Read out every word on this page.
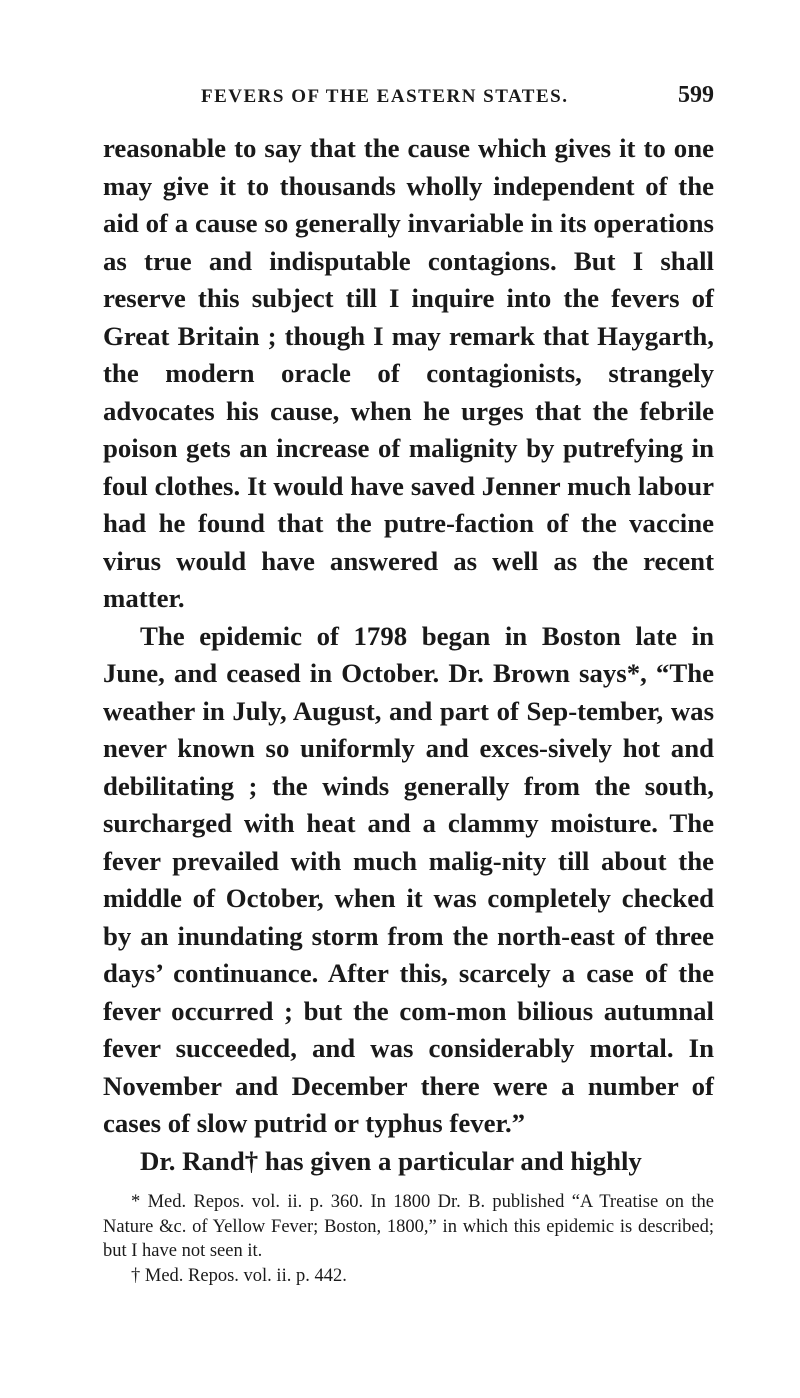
FEVERS OF THE EASTERN STATES.	599

reasonable to say that the cause which gives it to one may give it to thousands wholly independent of the aid of a cause so generally invariable in its operations as true and indisputable contagions. But I shall reserve this subject till I inquire into the fevers of Great Britain ; though I may remark that Haygarth, the modern oracle of contagionists, strangely advocates his cause, when he urges that the febrile poison gets an increase of malignity by putrefying in foul clothes. It would have saved Jenner much labour had he found that the putre-faction of the vaccine virus would have answered as well as the recent matter.

The epidemic of 1798 began in Boston late in June, and ceased in October. Dr. Brown says*, “The weather in July, August, and part of Sep-tember, was never known so uniformly and exces-sively hot and debilitating ; the winds generally from the south, surcharged with heat and a clammy moisture. The fever prevailed with much malig-nity till about the middle of October, when it was completely checked by an inundating storm from the north-east of three days’ continuance. After this, scarcely a case of the fever occurred ; but the com-mon bilious autumnal fever succeeded, and was considerably mortal. In November and December there were a number of cases of slow putrid or typhus fever.”

Dr. Rand† has given a particular and highly

* Med. Repos. vol. ii. p. 360. In 1800 Dr. B. published “A Treatise on the Nature &c. of Yellow Fever; Boston, 1800,” in which this epidemic is described; but I have not seen it.

† Med. Repos. vol. ii. p. 442.
